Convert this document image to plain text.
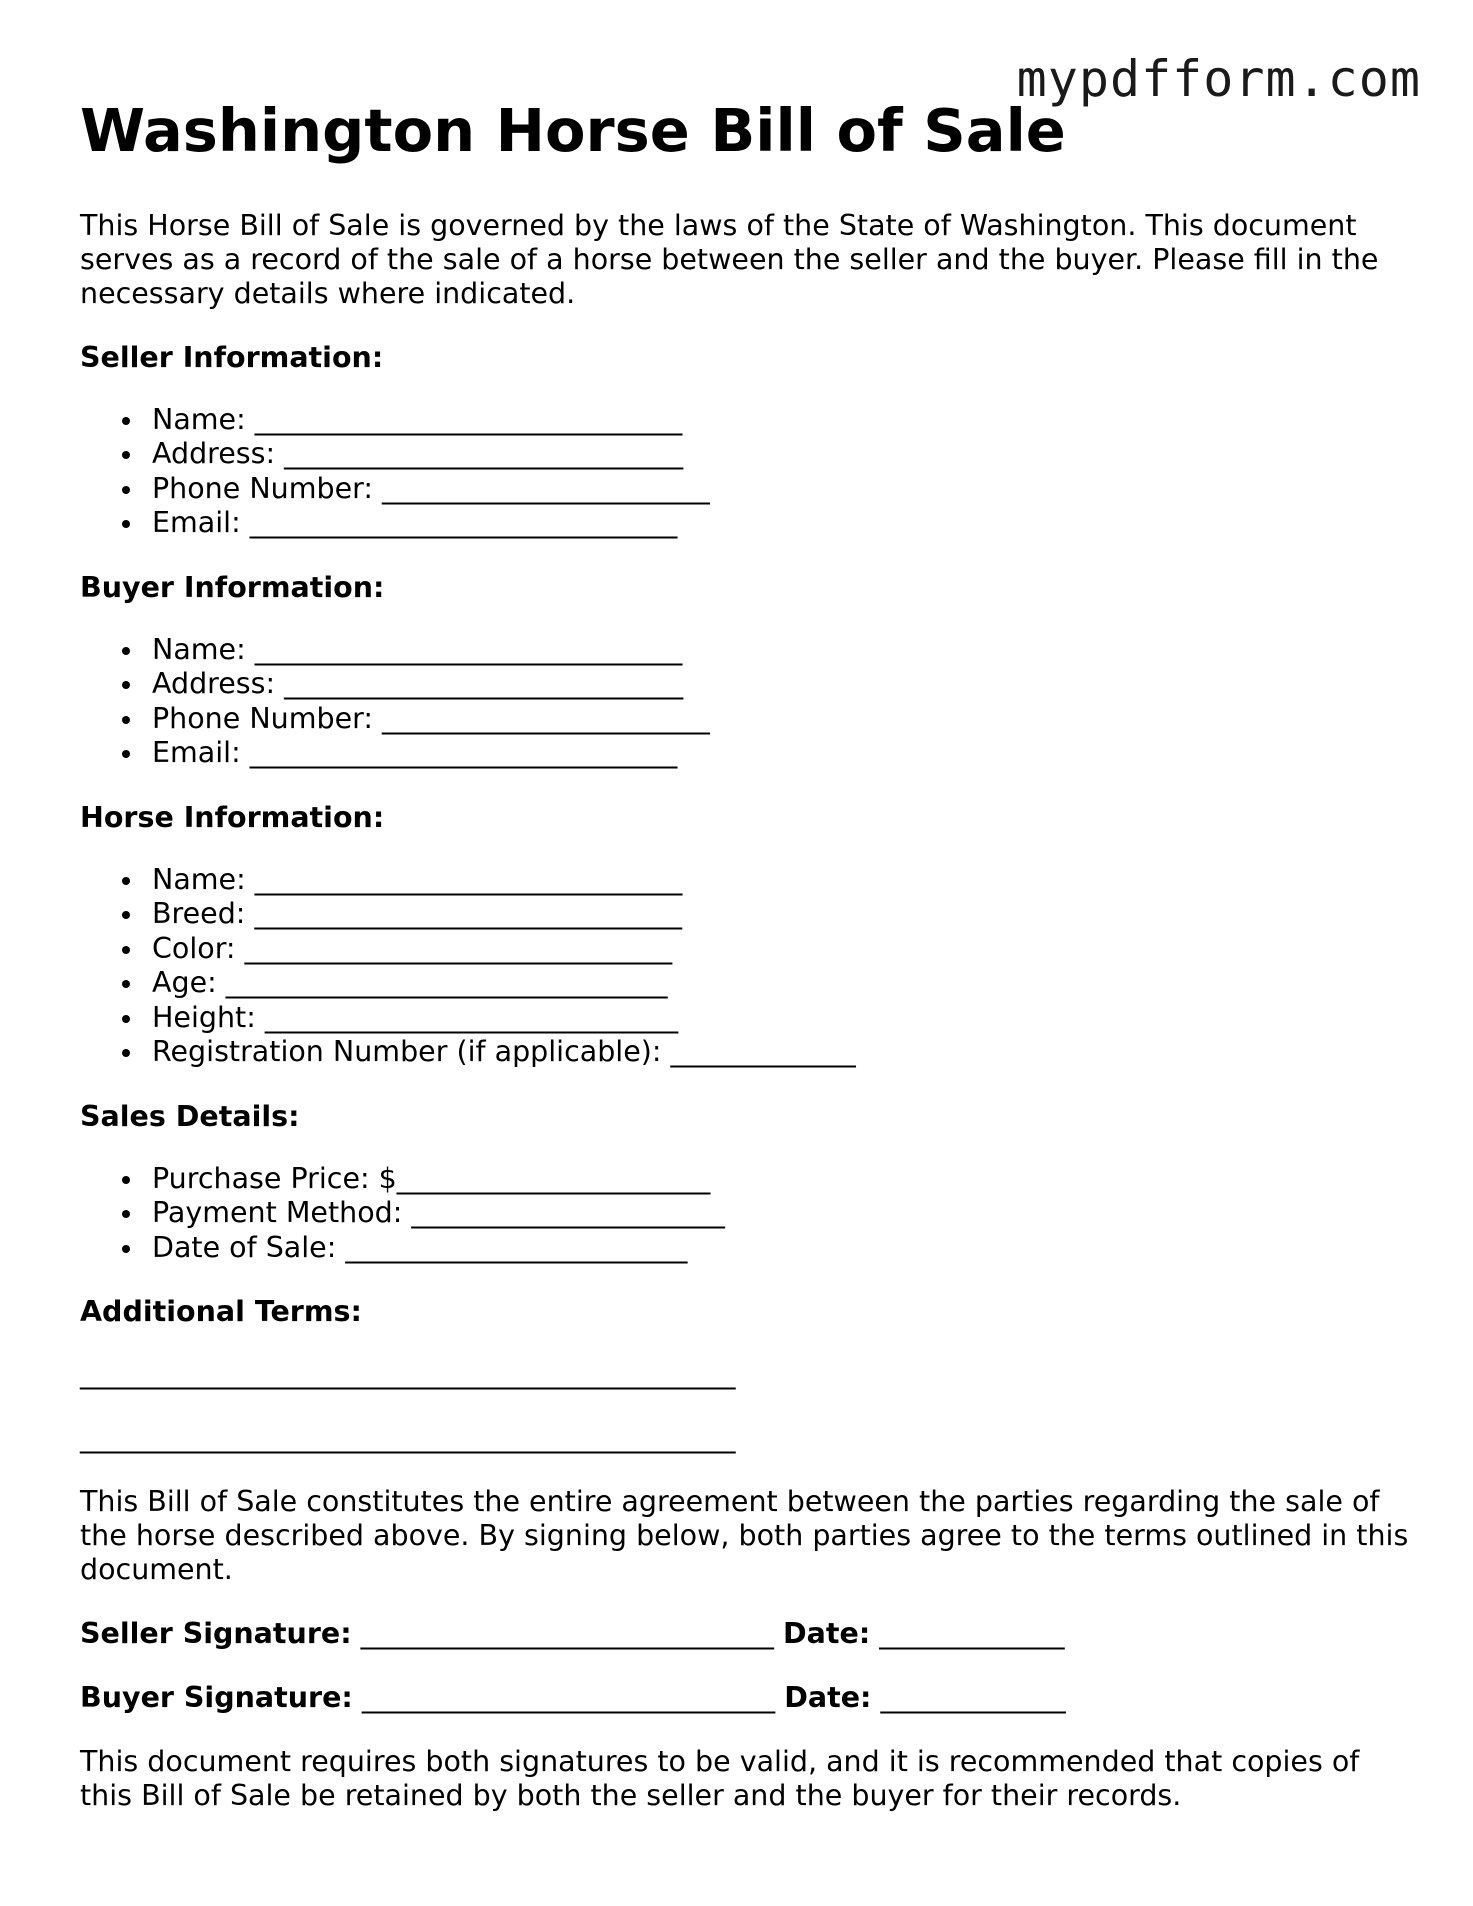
mypdfform.com
Washington Horse Bill of Sale

This Horse Bill of Sale is governed by the laws of the State of Washington. This document serves as a record of the sale of a horse between the seller and the buyer. Please fill in the necessary details where indicated.

Seller Information:
Name: ______________________________
Address: ____________________________
Phone Number: _______________________
Email: ______________________________
Buyer Information:
Name: ______________________________
Address: ____________________________
Phone Number: _______________________
Email: ______________________________
Horse Information:
Name: ______________________________
Breed: ______________________________
Color: ______________________________
Age: _______________________________
Height: _____________________________
Registration Number (if applicable): _____________
Sales Details:
Purchase Price: $______________________
Payment Method: ______________________
Date of Sale: ________________________
Additional Terms:
______________________________________________
______________________________________________

This Bill of Sale constitutes the entire agreement between the parties regarding the sale of the horse described above. By signing below, both parties agree to the terms outlined in this document.

Seller Signature: _____________________________ Date: _____________
Buyer Signature: _____________________________ Date: _____________

This document requires both signatures to be valid, and it is recommended that copies of this Bill of Sale be retained by both the seller and the buyer for their records.
